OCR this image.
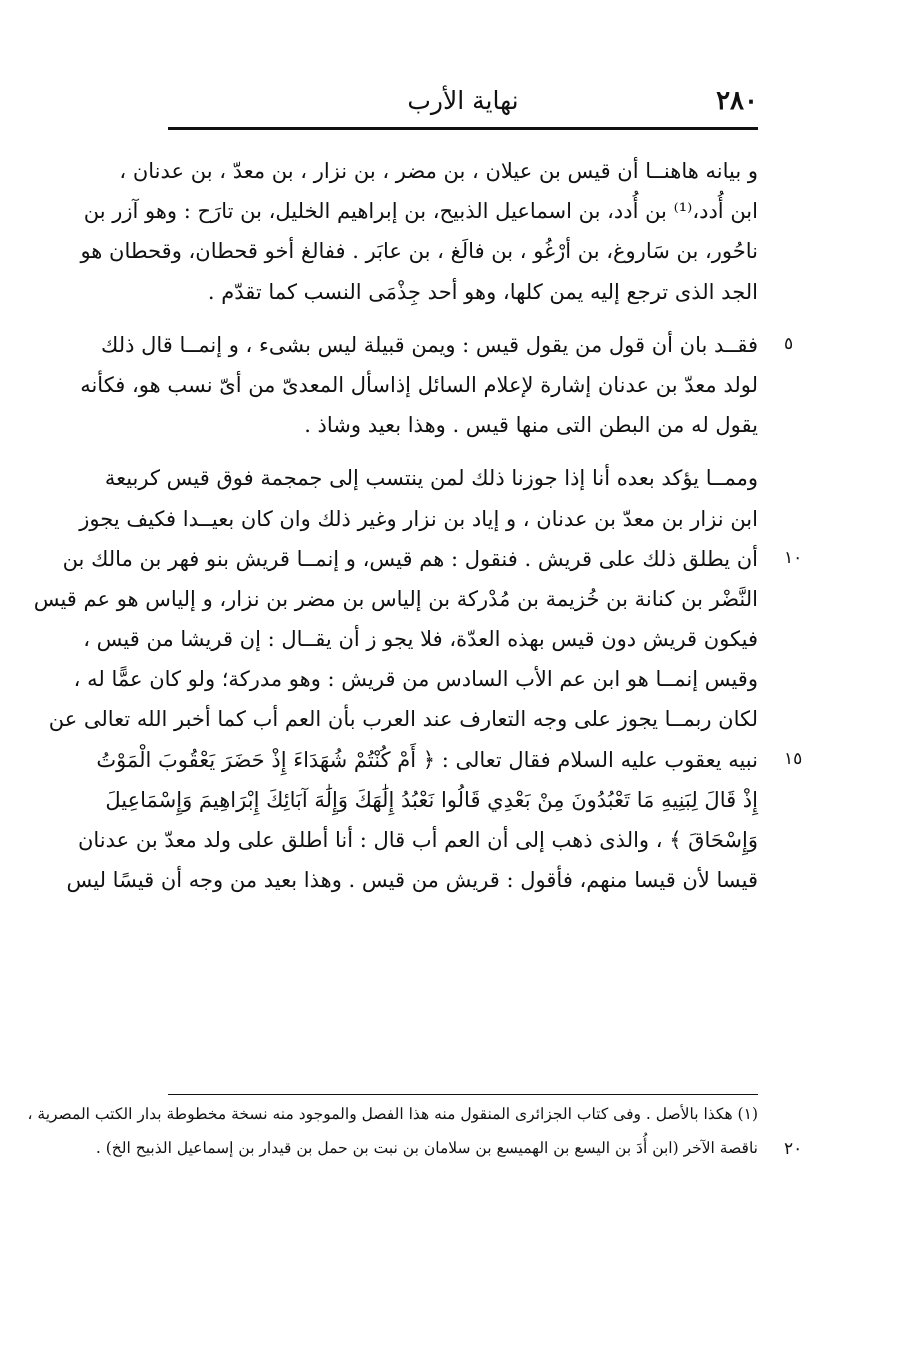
٢٨٠
نهاية الأرب
و بيانه هاهنــا أن قيس بن عيلان ، بن مضر ، بن نزار ، بن معدّ ، بن عدنان ،
ابن أُدد،⁽¹⁾ بن أُدد، بن اسماعيل الذبيح، بن إبراهيم الخليل، بن تارَح : وهو آزر بن
ناحُور، بن سَاروغ، بن أرْغُو ، بن فالَغ ، بن عابَر . ففالغ أخو قحطان، وقحطان هو
الجد الذى ترجع إليه يمن كلها، وهو أحد جِذْمَى النسب كما تقدّم .
فقــد بان أن قول من يقول قيس : ويمن قبيلة ليس بشىء ، و إنمــا قال ذلك
لولد معدّ بن عدنان إشارة لإعلام السائل إذاسأل المعدىّ من أىّ نسب هو، فكأنه
يقول له من البطن التى منها قيس . وهذا بعيد وشاذ .
وممــا يؤكد بعده أنا إذا جوزنا ذلك لمن ينتسب إلى جمجمة فوق قيس كربيعة
ابن نزار بن معدّ بن عدنان ، و إياد بن نزار وغير ذلك وان كان بعيــدا فكيف يجوز
أن يطلق ذلك على قريش . فنقول : هم قيس، و إنمــا قريش بنو فهر بن مالك بن
النَّضْر بن كنانة بن خُزيمة بن مُدْركة بن إلياس بن مضر بن نزار، و إلياس هو عم قيس
فيكون قريش دون قيس بهذه العدّة، فلا يجو ز أن يقــال : إن قريشا من قيس ،
وقيس إنمــا هو ابن عم الأب السادس من قريش : وهو مدركة؛ ولو كان عمًّا له ،
لكان ربمــا يجوز على وجه التعارف عند العرب بأن العم أب كما أخبر الله تعالى عن
نبيه يعقوب عليه السلام فقال تعالى : ﴿ أَمْ كُنْتُمْ شُهَدَاءَ إِذْ حَضَرَ يَعْقُوبَ الْمَوْتُ
إِذْ قَالَ لِبَنِيهِ مَا تَعْبُدُونَ مِنْ بَعْدِي قَالُوا نَعْبُدُ إِلَٰهَكَ وَإِلَٰهَ آبَائِكَ إِبْرَاهِيمَ وَإِسْمَاعِيلَ
وَإِسْحَاقَ ﴾ ، والذى ذهب إلى أن العم أب قال : أنا أطلق على ولد معدّ بن عدنان
قيسا لأن قيسا منهم، فأقول : قريش من قيس . وهذا بعيد من وجه أن قيسًا ليس
٥
١٠
١٥
(١) هكذا بالأصل . وفى كتاب الجزائرى المنقول منه هذا الفصل والموجود منه نسخة مخطوطة بدار الكتب المصرية ،
ناقصة الآخر (ابن أُدَ بن اليسع بن الهميسع بن سلامان بن نبت بن حمل بن قيدار بن إسماعيل الذبيح الخ) . ٢٠
